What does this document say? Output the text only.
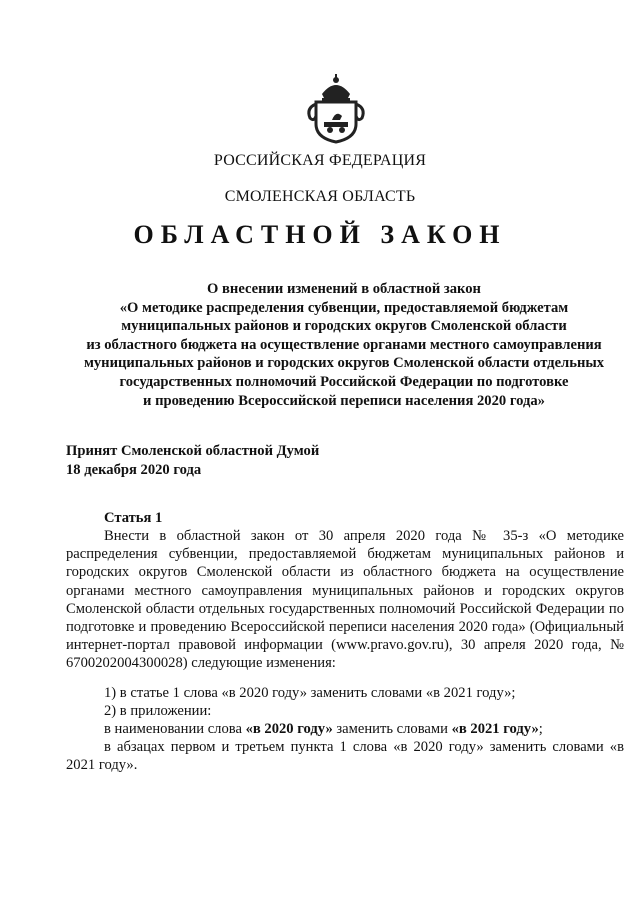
РОССИЙСКАЯ ФЕДЕРАЦИЯ
СМОЛЕНСКАЯ ОБЛАСТЬ
ОБЛАСТНОЙ ЗАКОН
О внесении изменений в областной закон
«О методике распределения субвенции, предоставляемой бюджетам
муниципальных районов и городских округов Смоленской области
из областного бюджета на осуществление органами местного самоуправления
муниципальных районов и городских округов Смоленской области отдельных
государственных полномочий Российской Федерации по подготовке
и проведению Всероссийской переписи населения 2020 года»
Принят Смоленской областной Думой
18 декабря 2020 года
Статья 1
Внести в областной закон от 30 апреля 2020 года № 35-з «О методике распределения субвенции, предоставляемой бюджетам муниципальных районов и городских округов Смоленской области из областного бюджета на осуществление органами местного самоуправления муниципальных районов и городских округов Смоленской области отдельных государственных полномочий Российской Федерации по подготовке и проведению Всероссийской переписи населения 2020 года» (Официальный интернет-портал правовой информации (www.pravo.gov.ru), 30 апреля 2020 года, № 6700202004300028) следующие изменения:
1) в статье 1 слова «в 2020 году» заменить словами «в 2021 году»;
2) в приложении:
в наименовании слова «в 2020 году» заменить словами «в 2021 году»;
в абзацах первом и третьем пункта 1 слова «в 2020 году» заменить словами «в 2021 году».
